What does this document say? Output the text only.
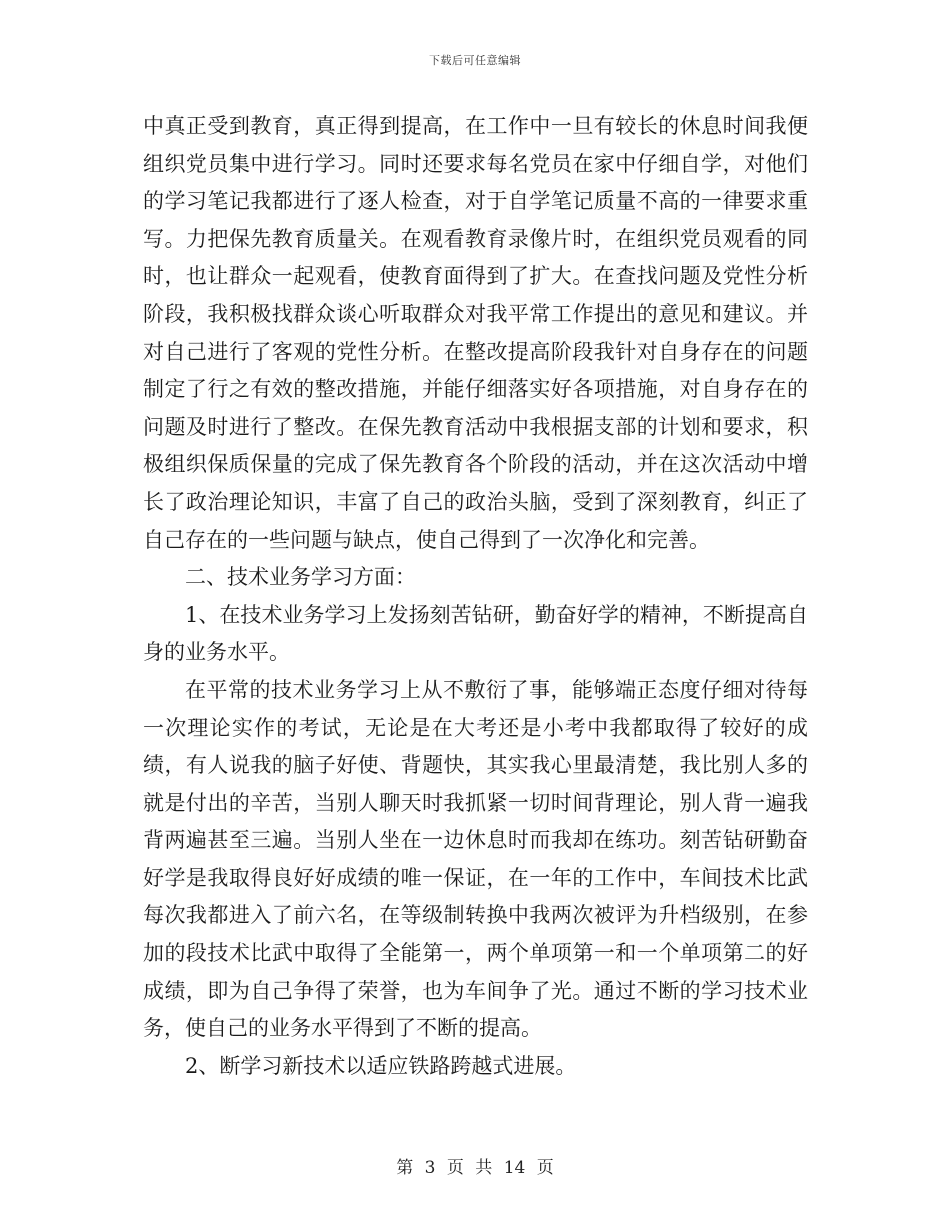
下载后可任意编辑

中真正受到教育，真正得到提高，在工作中一旦有较长的休息时间我便组织党员集中进行学习。同时还要求每名党员在家中仔细自学，对他们的学习笔记我都进行了逐人检查，对于自学笔记质量不高的一律要求重写。力把保先教育质量关。在观看教育录像片时，在组织党员观看的同时，也让群众一起观看，使教育面得到了扩大。在查找问题及党性分析阶段，我积极找群众谈心听取群众对我平常工作提出的意见和建议。并对自己进行了客观的党性分析。在整改提高阶段我针对自身存在的问题制定了行之有效的整改措施，并能仔细落实好各项措施，对自身存在的问题及时进行了整改。在保先教育活动中我根据支部的计划和要求，积极组织保质保量的完成了保先教育各个阶段的活动，并在这次活动中增长了政治理论知识，丰富了自己的政治头脑，受到了深刻教育，纠正了自己存在的一些问题与缺点，使自己得到了一次净化和完善。

二、技术业务学习方面：

1、在技术业务学习上发扬刻苦钻研，勤奋好学的精神，不断提高自身的业务水平。

在平常的技术业务学习上从不敷衍了事，能够端正态度仔细对待每一次理论实作的考试，无论是在大考还是小考中我都取得了较好的成绩，有人说我的脑子好使、背题快，其实我心里最清楚，我比别人多的就是付出的辛苦，当别人聊天时我抓紧一切时间背理论，别人背一遍我背两遍甚至三遍。当别人坐在一边休息时而我却在练功。刻苦钻研勤奋好学是我取得良好好成绩的唯一保证，在一年的工作中，车间技术比武每次我都进入了前六名，在等级制转换中我两次被评为升档级别，在参加的段技术比武中取得了全能第一，两个单项第一和一个单项第二的好成绩，即为自己争得了荣誉，也为车间争了光。通过不断的学习技术业务，使自己的业务水平得到了不断的提高。

2、断学习新技术以适应铁路跨越式进展。

第 3 页 共 14 页
